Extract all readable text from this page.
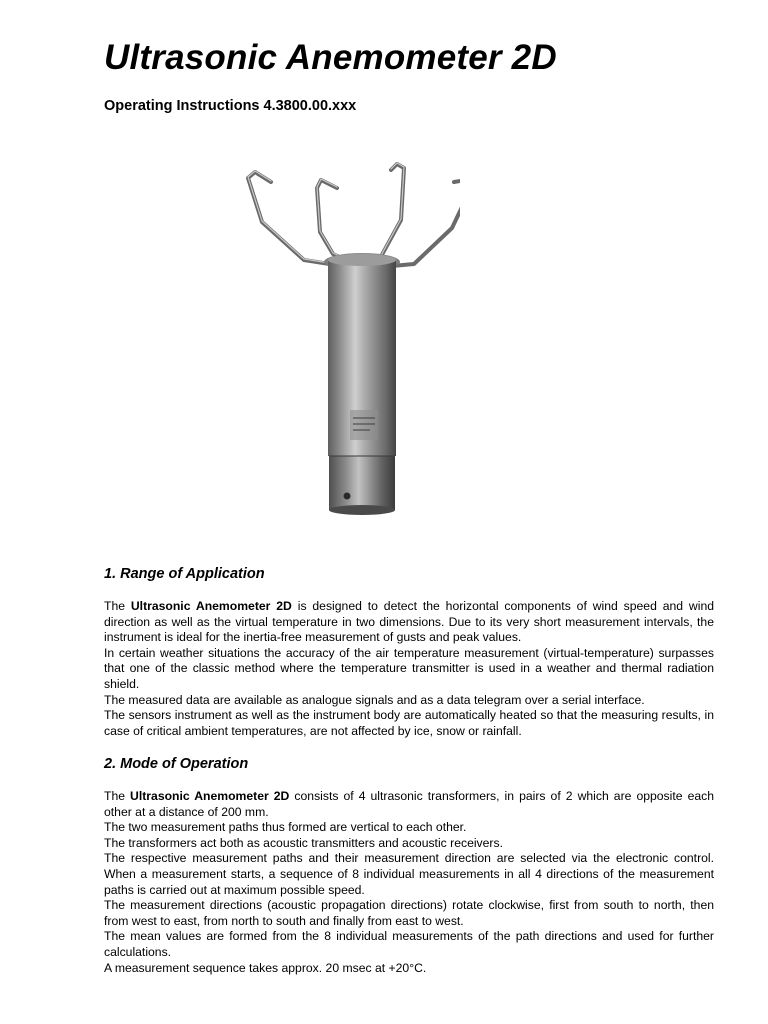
Ultrasonic Anemometer 2D
Operating Instructions 4.3800.00.xxx
1. Range of Application

The Ultrasonic Anemometer 2D is designed to detect the horizontal components of wind speed and wind direction as well as the virtual temperature in two dimensions. Due to its very short measurement intervals, the instrument is ideal for the inertia-free measurement of gusts and peak values.

In certain weather situations the accuracy of the air temperature measurement (virtual-temperature) surpasses that one of the classic method where the temperature transmitter is used in a weather and thermal radiation shield.

The measured data are available as analogue signals and as a data telegram over a serial interface.

The sensors instrument as well as the instrument body are automatically heated so that the measuring results, in case of critical ambient temperatures, are not affected by ice, snow or rainfall.

2. Mode of Operation

The Ultrasonic Anemometer 2D consists of 4 ultrasonic transformers, in pairs of 2 which are opposite each other at a distance of 200 mm.

The two measurement paths thus formed are vertical to each other.

The transformers act both as acoustic transmitters and acoustic receivers.

The respective measurement paths and their measurement direction are selected via the electronic control. When a measurement starts, a sequence of 8 individual measurements in all 4 directions of the measurement paths is carried out at maximum possible speed.

The measurement directions (acoustic propagation directions) rotate clockwise, first from south to north, then from west to east, from north to south and finally from east to west.

The mean values are formed from the 8 individual measurements of the path directions and used for further calculations.

A measurement sequence takes approx. 20 msec at +20°C.
